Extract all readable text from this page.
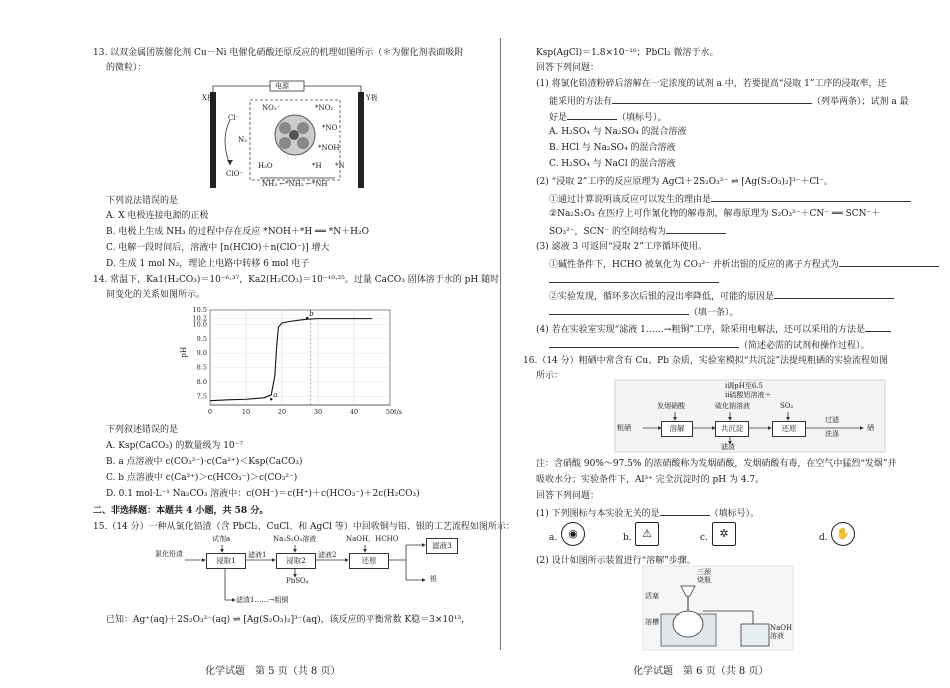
13. 以双金属团簇催化剂 Cu－Ni 电催化硝酸还原反应的机理如图所示（＊为催化剂表面吸附
的微粒）：
电源
X极	Y极
Cl⁻
N₂
ClO⁻
NO₃⁻	*NO₂
*NO
*NOH
*N
*H
H₂O
NH₃ ←*NH₂ ←*NH
下列说法错误的是
A. X 电极连接电源的正极
B. 电极上生成 NH₃ 的过程中存在反应 *NOH＋*H ══ *N＋H₂O
C. 电解一段时间后，溶液中 [n(HClO)＋n(ClO⁻)] 增大
D. 生成 1 mol N₂，理论上电路中转移 6 mol 电子
14. 常温下，Ka1(H₂CO₃)＝10⁻⁶·³⁷，Ka2(H₂CO₃)＝10⁻¹⁰·²⁵。过量 CaCO₃ 固体溶于水的 pH 随时
间变化的关系如图所示。
0	10	20	30	40	50
7.5
8.0
8.5
9.0
9.5
10.0
10.2
10.5
t/s
pH
a
b
下列叙述错误的是
A. Ksp(CaCO₃) 的数量级为 10⁻⁷
B. a 点溶液中 c(CO₃²⁻)·c(Ca²⁺)＜Ksp(CaCO₃)
C. b 点溶液中 c(Ca²⁺)＞c(HCO₃⁻)＞c(CO₃²⁻)
D. 0.1 mol·L⁻¹ Na₂CO₃ 溶液中：c(OH⁻)＝c(H⁺)＋c(HCO₃⁻)＋2c(H₂CO₃)
二、非选择题：本题共 4 小题，共 58 分。
15.（14 分）一种从氯化铅渣（含 PbCl₂、CuCl、和 AgCl 等）中回收铜与铅、银的工艺流程如图所示：
试剂a
氯化铅渣
浸取1
滤液1
Na₂S₂O₃溶液
浸取2
滤液2
NaOH、HCHO
还原
滤液3
银
PbSO₄
滤渣1……→粗铜
已知：Ag⁺(aq)＋2S₂O₃²⁻(aq) ⇌ [Ag(S₂O₃)₂]³⁻(aq)，该反应的平衡常数 K稳＝3×10¹³，
化学试题　第 5 页（共 8 页）
Ksp(AgCl)＝1.8×10⁻¹⁰；PbCl₂ 微溶于水。
回答下列问题：
(1) 将氯化铅渣粉碎后溶解在一定浓度的试剂 a 中，若要提高“浸取 1”工序的浸取率，还
能采用的方法有	（列举两条）；试剂 a 最
好是	（填标号）。
A. H₂SO₄ 与 Na₂SO₄ 的混合溶液
B. HCl 与 Na₂SO₄ 的混合溶液
C. H₂SO₄ 与 NaCl 的混合溶液
(2) “浸取 2”工序的反应原理为 AgCl＋2S₂O₃²⁻ ⇌ [Ag(S₂O₃)₂]³⁻＋Cl⁻。
①通过计算说明该反应可以发生的理由是
②Na₂S₂O₃ 在医疗上可作氰化物的解毒剂，解毒原理为 S₂O₃²⁻＋CN⁻ ══ SCN⁻＋
SO₃²⁻，SCN⁻ 的空间结构为
(3) 滤液 3 可返回“浸取 2”工序循环使用。
①碱性条件下，HCHO 被氧化为 CO₃²⁻ 并析出银的反应的离子方程式为
②实验发现，循环多次后银的浸出率降低，可能的原因是
（填一条）。
(4) 若在实验室实现“滤液 1……→粗铜”工序，除采用电解法，还可以采用的方法是
（简述必需的试剂和操作过程）。
16.（14 分）粗硒中常含有 Cu、Pb 杂质，实验室模拟“共沉淀”法提纯粗硒的实验流程如图
所示：
ⅰ调pH至6.5
ⅱ硫酸铝溶液＋
硫化钠溶液
发烟硝酸	SO₂
粗硒	溶解	共沉淀	还原
过滤
洗涤
硒
滤渣
注：含硝酸 90%～97.5% 的浓硝酸称为发烟硝酸，发烟硝酸有毒，在空气中猛烈“发烟”并
吸收水分；实验条件下，Al³⁺ 完全沉淀时的 pH 为 4.7。
回答下列问题：
(1) 下列图标与本实验无关的是	（填标号）。
a. ◉	b. ⚠	c.	✲	d. ✋
(2) 设计如图所示装置进行“溶解”步骤。
三颈
烧瓶
活塞
溶槽
NaOH
溶液
化学试题　第 6 页（共 8 页）
